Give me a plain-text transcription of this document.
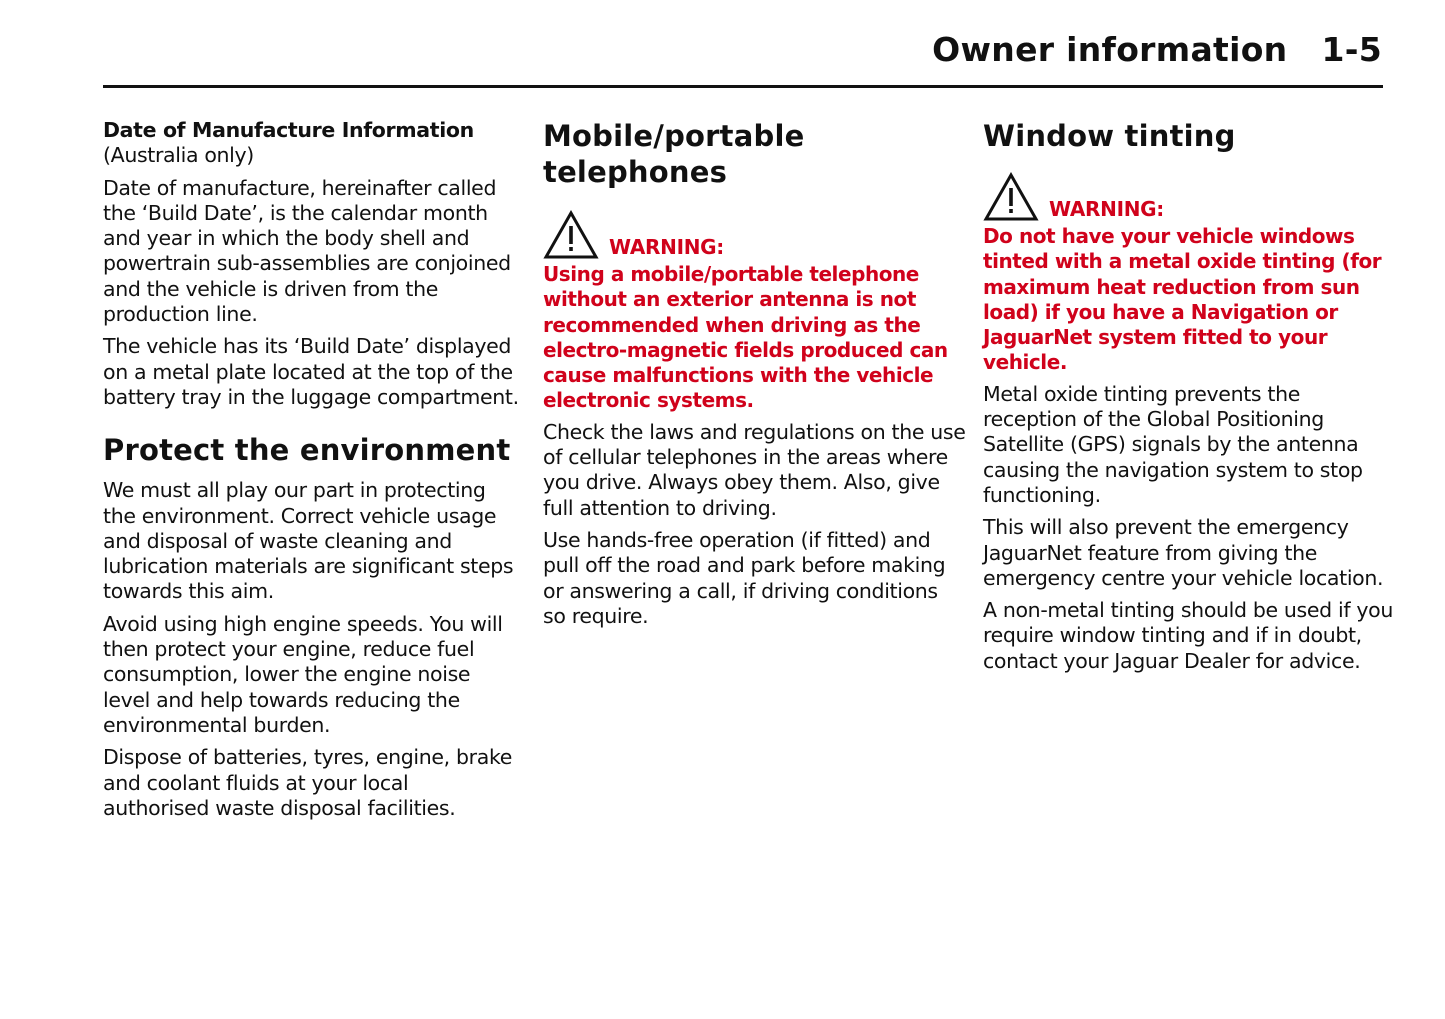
Owner information 1-5
Date of Manufacture Information

(Australia only)

Date of manufacture, hereinafter called
the ‘Build Date’, is the calendar month
and year in which the body shell and
powertrain sub-assemblies are conjoined
and the vehicle is driven from the
production line.

The vehicle has its ‘Build Date’ displayed
on a metal plate located at the top of the
battery tray in the luggage compartment.

Protect the environment

We must all play our part in protecting
the environment. Correct vehicle usage
and disposal of waste cleaning and
lubrication materials are significant steps
towards this aim.

Avoid using high engine speeds. You will
then protect your engine, reduce fuel
consumption, lower the engine noise
level and help towards reducing the
environmental burden.

Dispose of batteries, tyres, engine, brake
and coolant fluids at your local
authorised waste disposal facilities.

Mobile/portable
telephones
WARNING:
Using a mobile/portable telephone
without an exterior antenna is not
recommended when driving as the
electro-magnetic fields produced can
cause malfunctions with the vehicle
electronic systems.

Check the laws and regulations on the use
of cellular telephones in the areas where
you drive. Always obey them. Also, give
full attention to driving.

Use hands-free operation (if fitted) and
pull off the road and park before making
or answering a call, if driving conditions
so require.

Window tinting
WARNING:
Do not have your vehicle windows
tinted with a metal oxide tinting (for
maximum heat reduction from sun
load) if you have a Navigation or
JaguarNet system fitted to your
vehicle.

Metal oxide tinting prevents the
reception of the Global Positioning
Satellite (GPS) signals by the antenna
causing the navigation system to stop
functioning.

This will also prevent the emergency
JaguarNet feature from giving the
emergency centre your vehicle location.

A non-metal tinting should be used if you
require window tinting and if in doubt,
contact your Jaguar Dealer for advice.
